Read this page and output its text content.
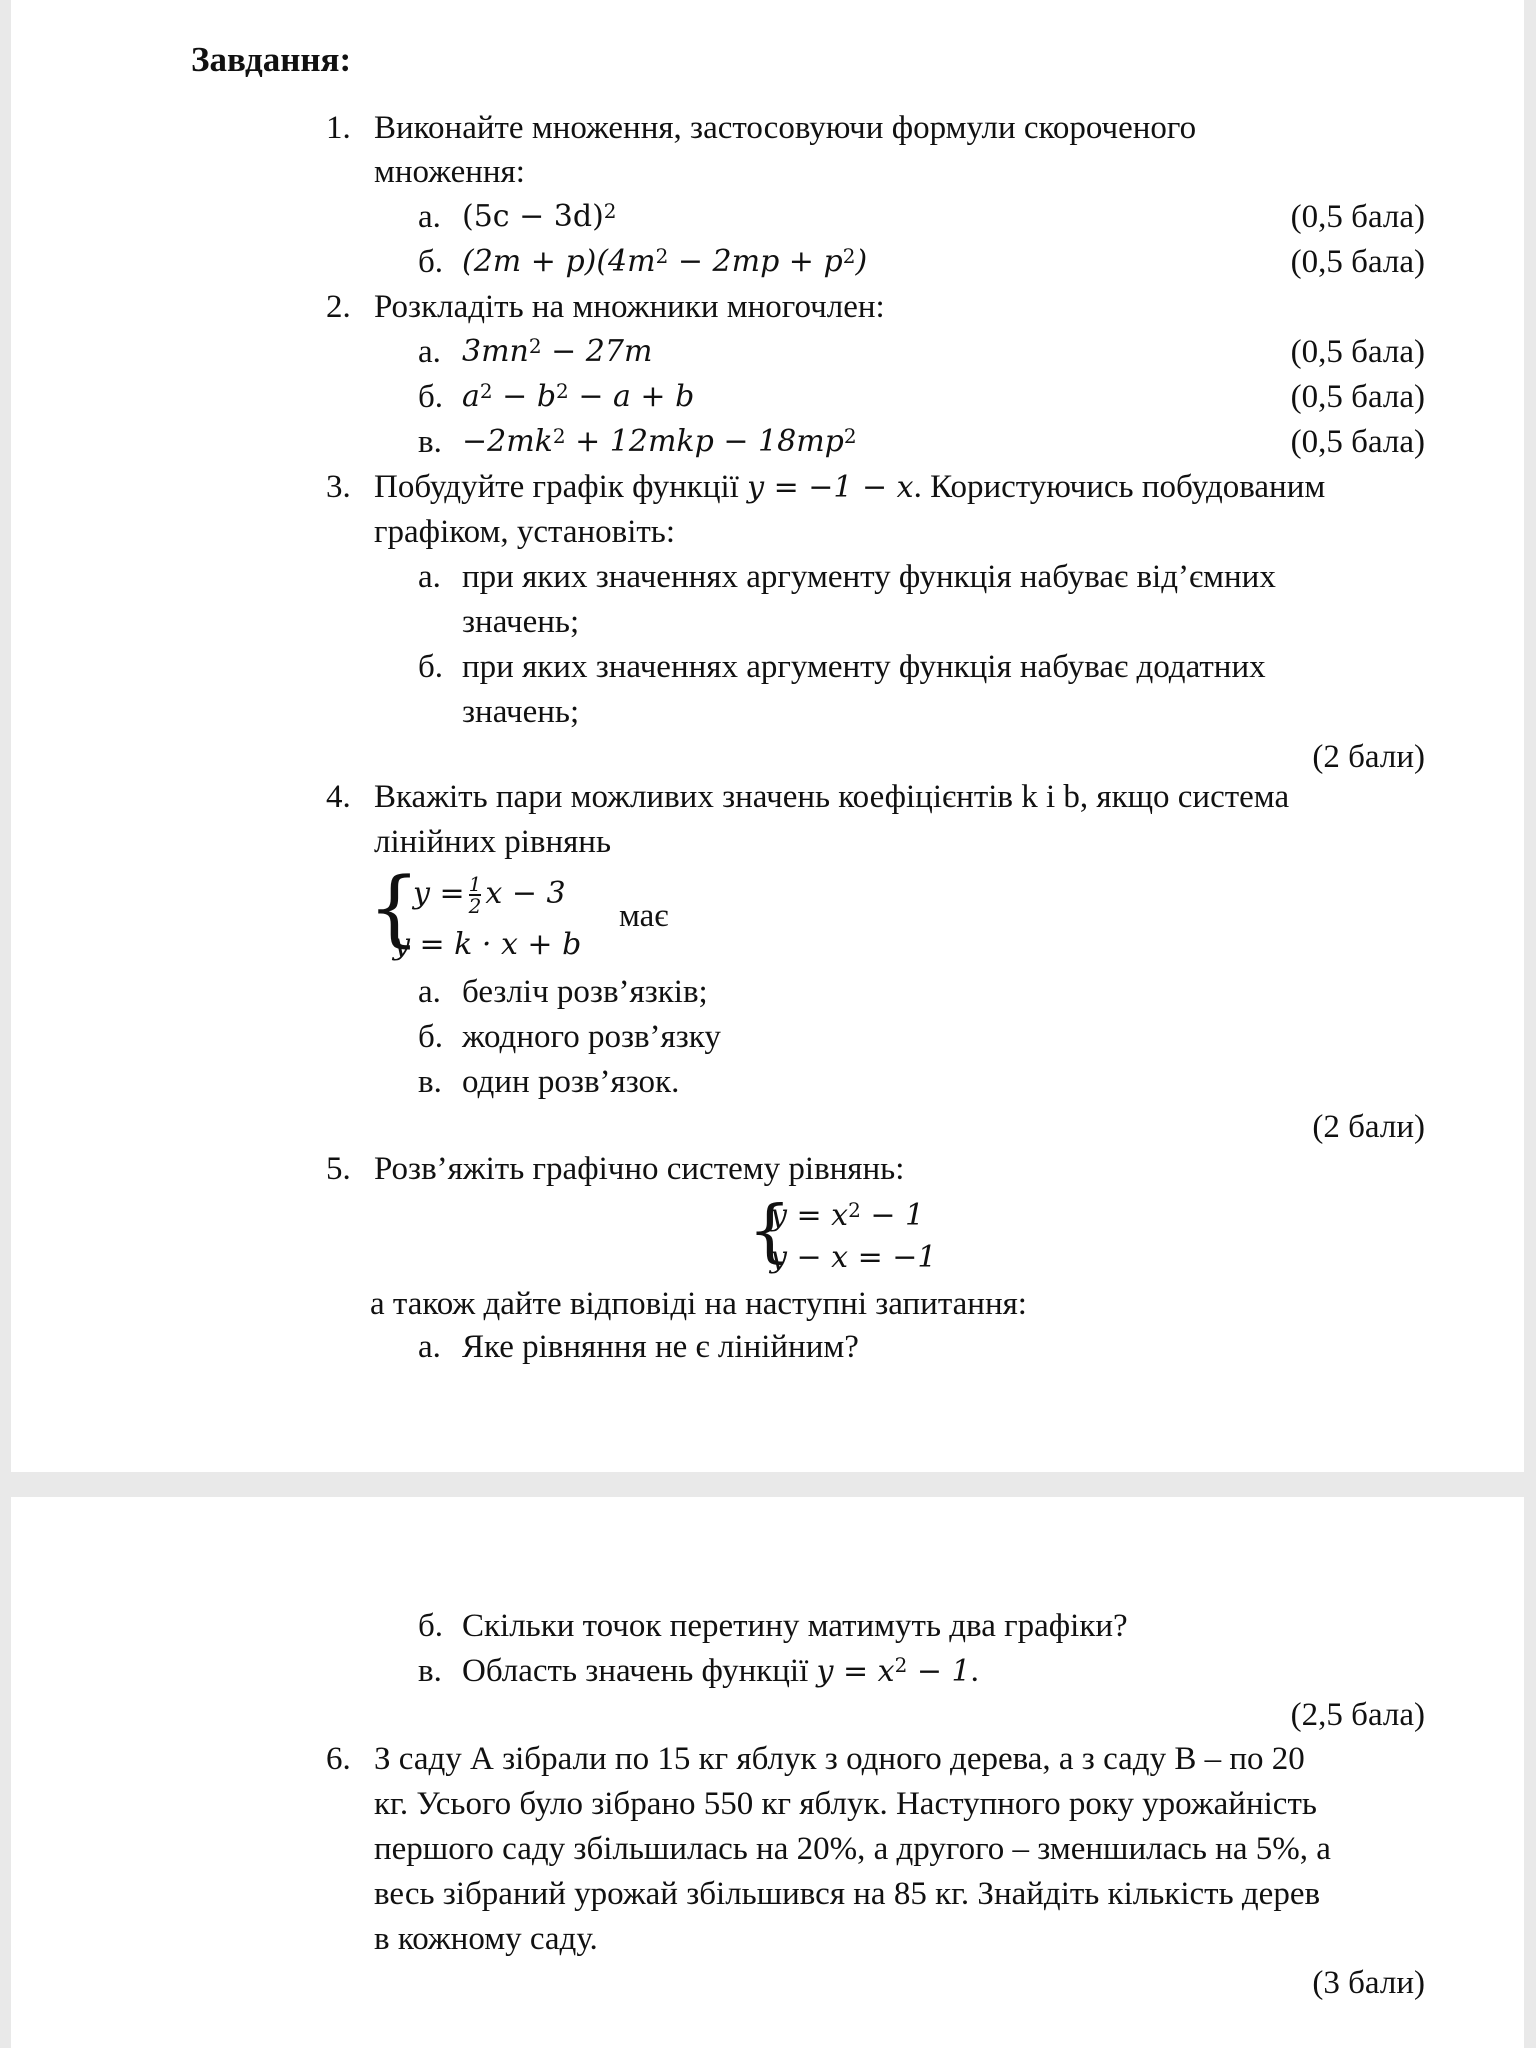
Завдання:
1. Виконайте множення, застосовуючи формули скороченого
множення:
а. $(5c - 3d)^2$	(0,5 бала)
б. $(2m + p)(4m^2 - 2mp + p^2)$	(0,5 бала)
2. Розкладіть на множники многочлен:
а. $3mn^2 - 27m$	(0,5 бала)
б. $a^2 - b^2 - a + b$	(0,5 бала)
в. $-2mk^2 + 12mkp - 18mp^2$	(0,5 бала)
3. Побудуйте графік функції y = −1 − x. Користуючись побудованим
графіком, установіть:
а. при яких значеннях аргументу функція набуває від’ємних
значень;
б. при яких значеннях аргументу функція набуває додатних
значень;
(2 бали)
4. Вкажіть пари можливих значень коефіцієнтів k і b, якщо система
лінійних рівнянь
{
$y = \frac{1}{2}$ x − 3
має
y = k · x + b
а. безліч розв’язків;
б. жодного розв’язку
в. один розв’язок.
(2 бали)
5. Розв’яжіть графічно систему рівнянь:
{
$y = x^2 - 1$
y − x = −1
а також дайте відповіді на наступні запитання:
а. Яке рівняння не є лінійним?
б. Скільки точок перетину матимуть два графіки?
в. Область значень функції $y = x^2 - 1$.
(2,5 бала)
6. З саду А зібрали по 15 кг яблук з одного дерева, а з саду В – по 20
кг. Усього було зібрано 550 кг яблук. Наступного року урожайність
першого саду збільшилась на 20%, а другого – зменшилась на 5%, а
весь зібраний урожай збільшився на 85 кг. Знайдіть кількість дерев
в кожному саду.
(3 бали)
